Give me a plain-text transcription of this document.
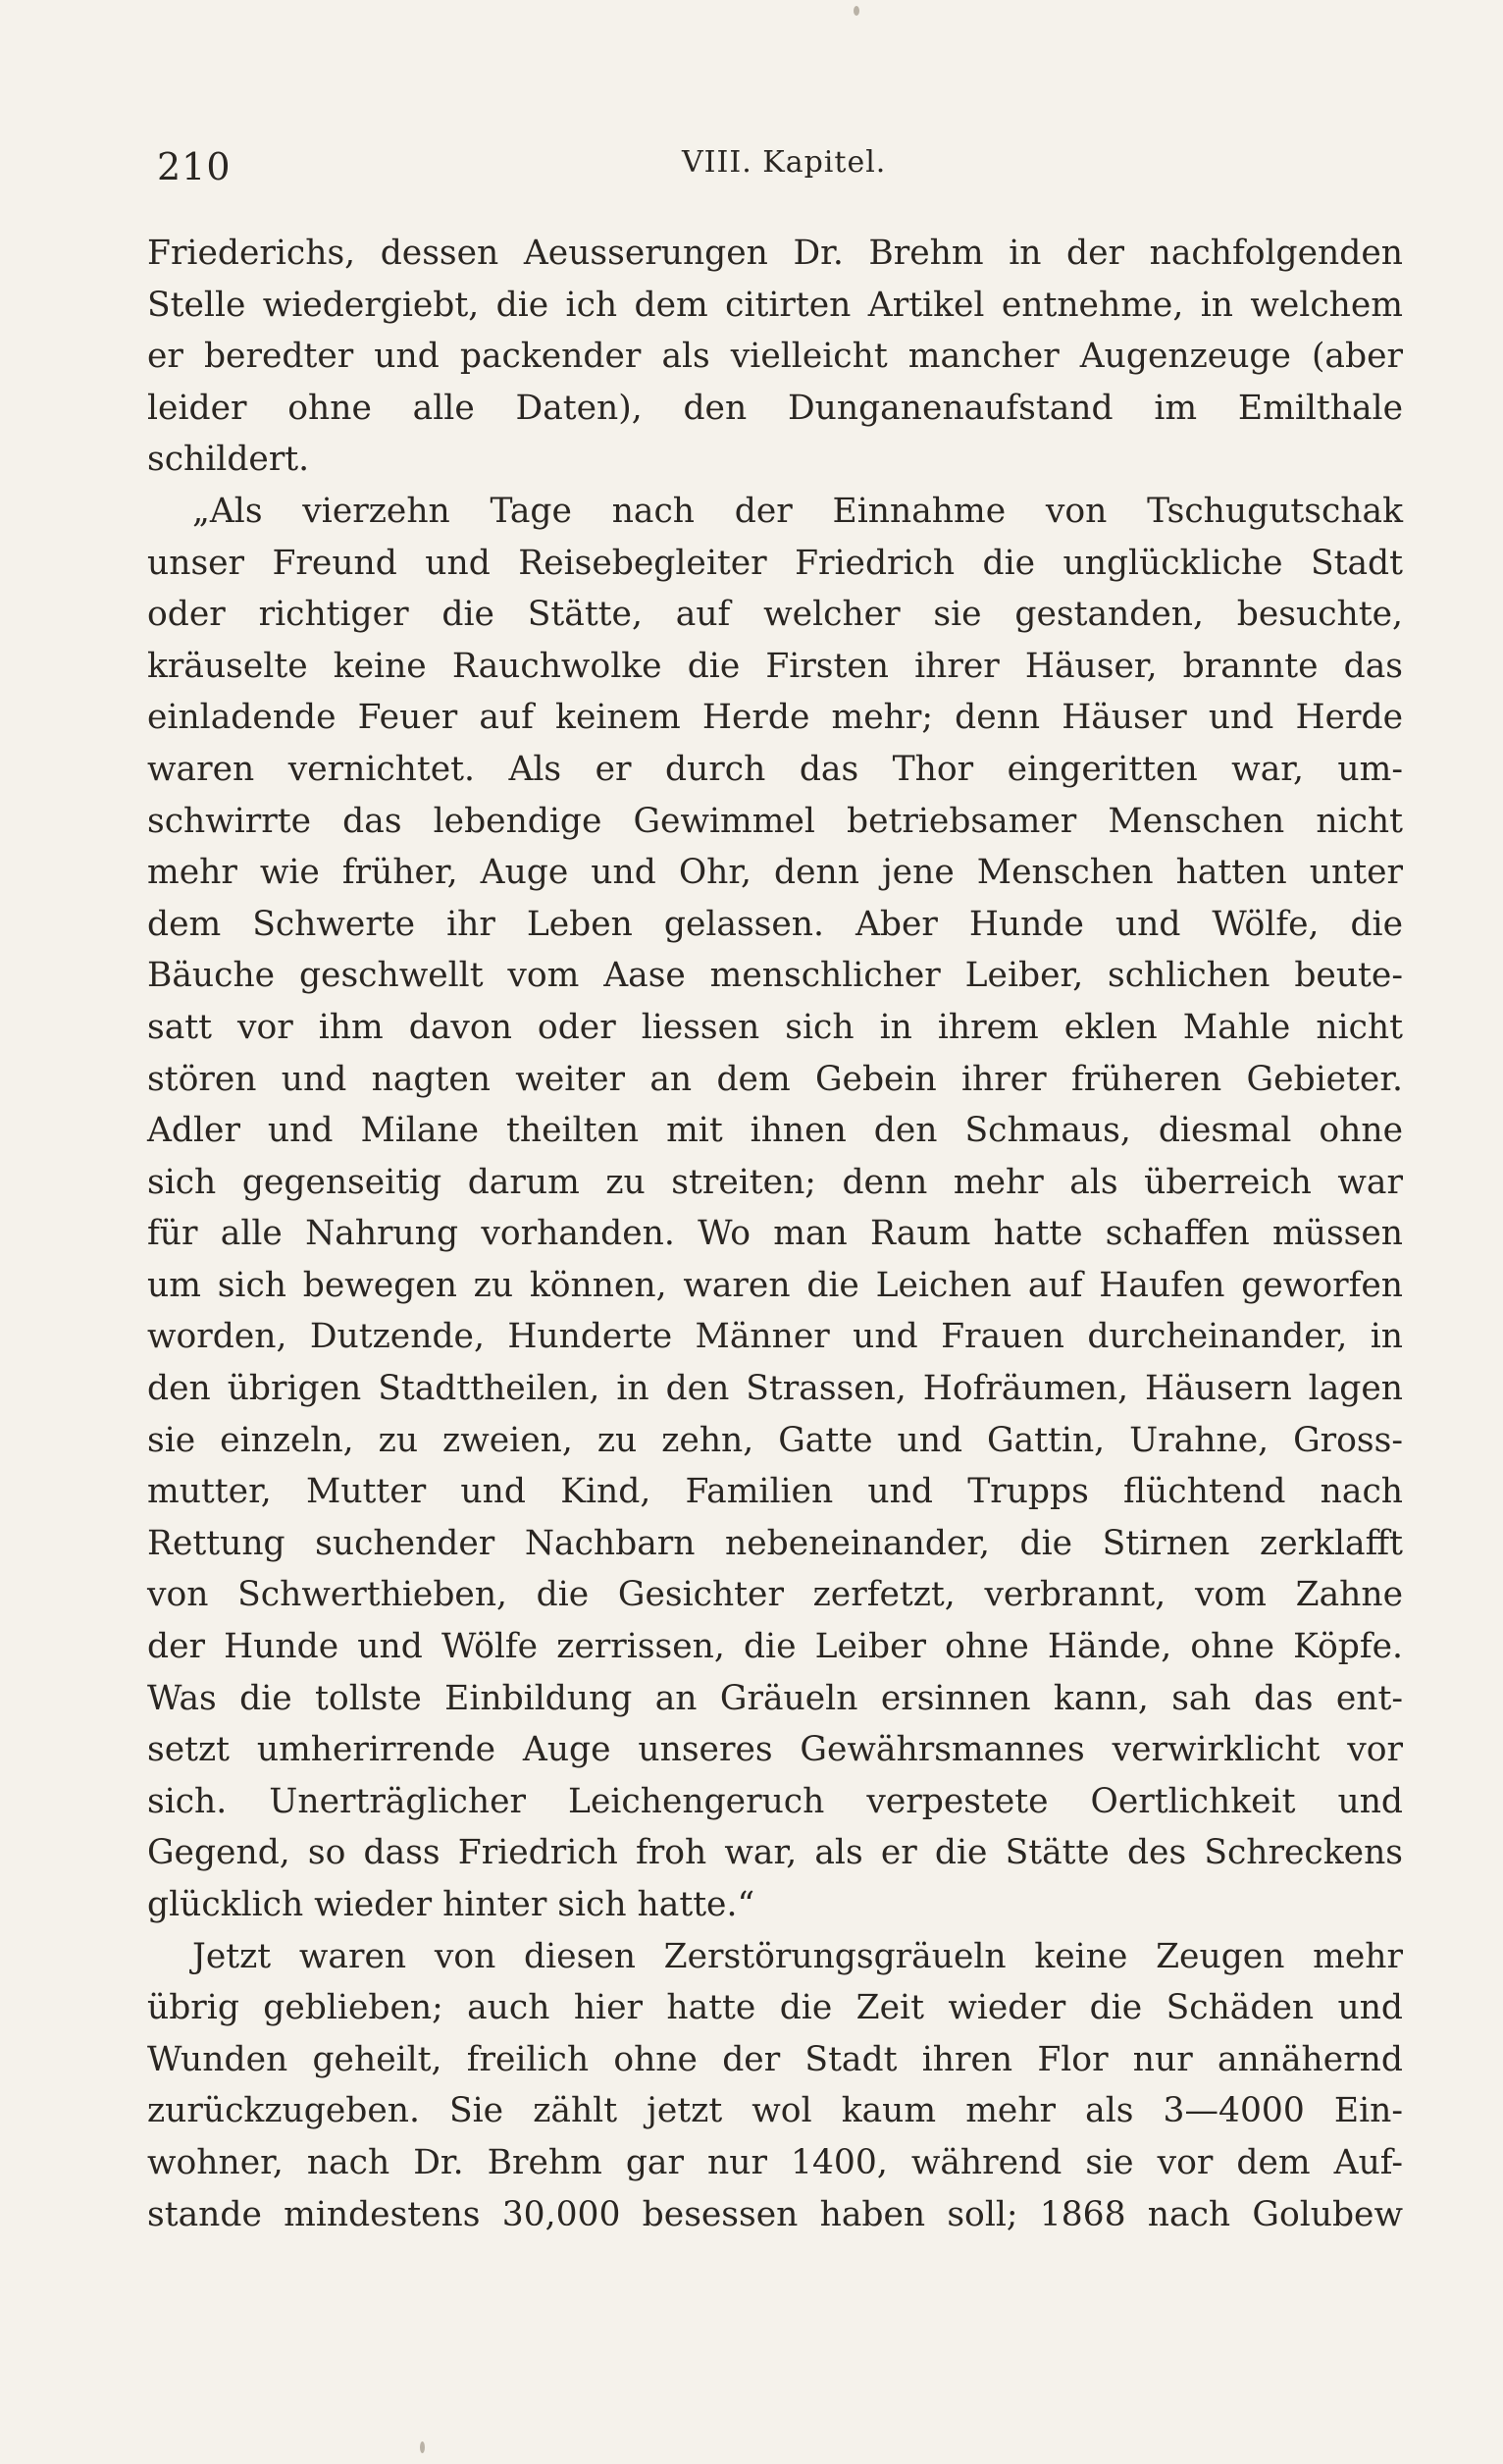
210	VIII. Kapitel.
Friederichs, dessen Aeusserungen Dr. Brehm in der nachfolgenden
Stelle wiedergiebt, die ich dem citirten Artikel entnehme, in welchem
er beredter und packender als vielleicht mancher Augenzeuge (aber
leider ohne alle Daten), den Dunganenaufstand im Emilthale
schildert.
„Als vierzehn Tage nach der Einnahme von Tschugutschak
unser Freund und Reisebegleiter Friedrich die unglückliche Stadt
oder richtiger die Stätte, auf welcher sie gestanden, besuchte,
kräuselte keine Rauchwolke die Firsten ihrer Häuser, brannte das
einladende Feuer auf keinem Herde mehr; denn Häuser und Herde
waren vernichtet. Als er durch das Thor eingeritten war, um-
schwirrte das lebendige Gewimmel betriebsamer Menschen nicht
mehr wie früher, Auge und Ohr, denn jene Menschen hatten unter
dem Schwerte ihr Leben gelassen. Aber Hunde und Wölfe, die
Bäuche geschwellt vom Aase menschlicher Leiber, schlichen beute-
satt vor ihm davon oder liessen sich in ihrem eklen Mahle nicht
stören und nagten weiter an dem Gebein ihrer früheren Gebieter.
Adler und Milane theilten mit ihnen den Schmaus, diesmal ohne
sich gegenseitig darum zu streiten; denn mehr als überreich war
für alle Nahrung vorhanden. Wo man Raum hatte schaffen müssen
um sich bewegen zu können, waren die Leichen auf Haufen geworfen
worden, Dutzende, Hunderte Männer und Frauen durcheinander, in
den übrigen Stadttheilen, in den Strassen, Hofräumen, Häusern lagen
sie einzeln, zu zweien, zu zehn, Gatte und Gattin, Urahne, Gross-
mutter, Mutter und Kind, Familien und Trupps flüchtend nach
Rettung suchender Nachbarn nebeneinander, die Stirnen zerklafft
von Schwerthieben, die Gesichter zerfetzt, verbrannt, vom Zahne
der Hunde und Wölfe zerrissen, die Leiber ohne Hände, ohne Köpfe.
Was die tollste Einbildung an Gräueln ersinnen kann, sah das ent-
setzt umherirrende Auge unseres Gewährsmannes verwirklicht vor
sich. Unerträglicher Leichengeruch verpestete Oertlichkeit und
Gegend, so dass Friedrich froh war, als er die Stätte des Schreckens
glücklich wieder hinter sich hatte.“
Jetzt waren von diesen Zerstörungsgräueln keine Zeugen mehr
übrig geblieben; auch hier hatte die Zeit wieder die Schäden und
Wunden geheilt, freilich ohne der Stadt ihren Flor nur annähernd
zurückzugeben. Sie zählt jetzt wol kaum mehr als 3—4000 Ein-
wohner, nach Dr. Brehm gar nur 1400, während sie vor dem Auf-
stande mindestens 30,000 besessen haben soll; 1868 nach Golubew
